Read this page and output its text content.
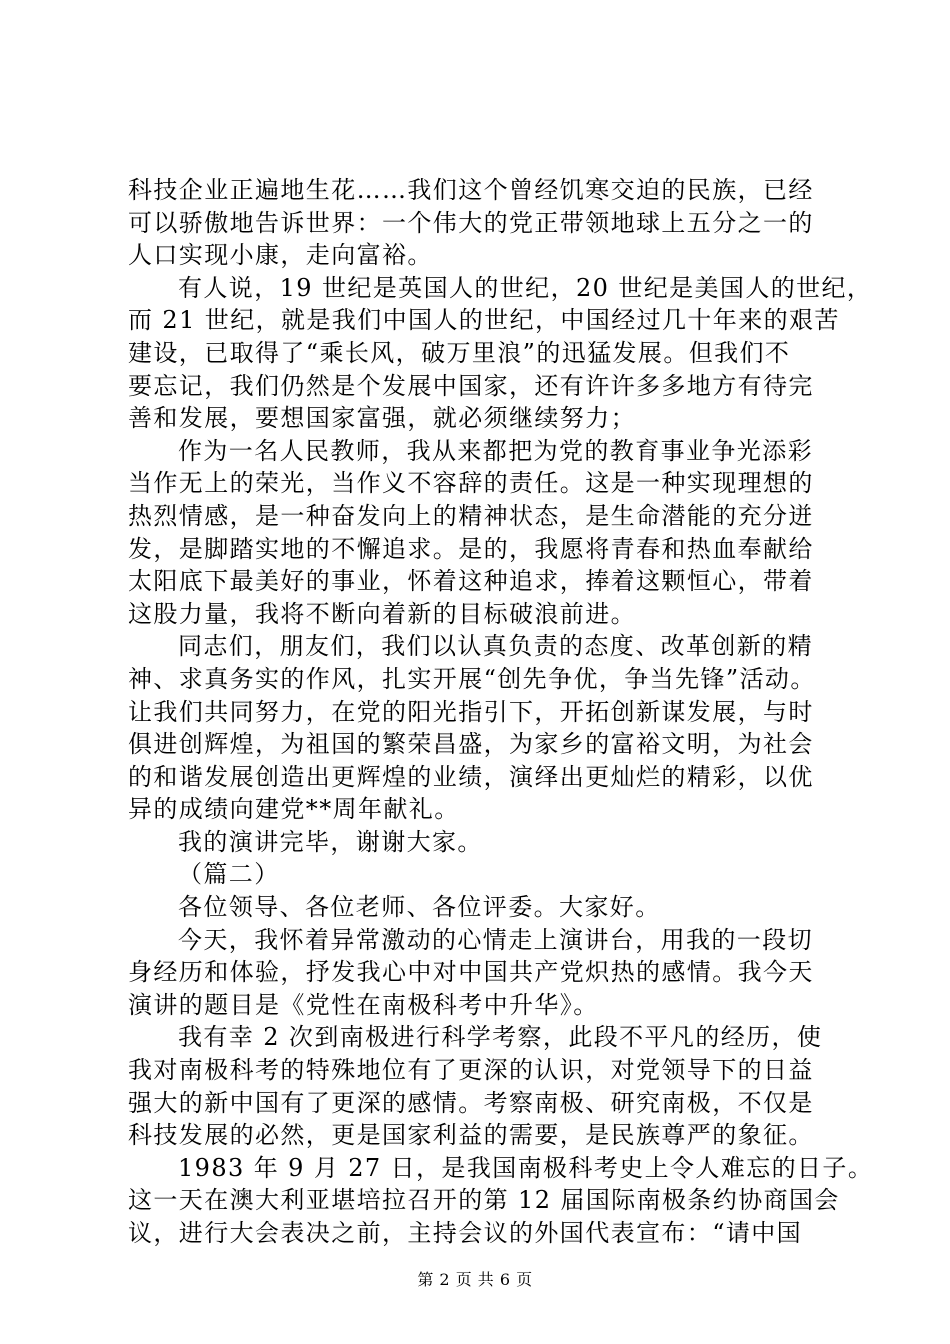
科技企业正遍地生花……我们这个曾经饥寒交迫的民族，已经
可以骄傲地告诉世界：一个伟大的党正带领地球上五分之一的
人口实现小康，走向富裕。
有人说，19 世纪是英国人的世纪，20 世纪是美国人的世纪，
而 21 世纪，就是我们中国人的世纪，中国经过几十年来的艰苦
建设，已取得了“乘长风，破万里浪”的迅猛发展。但我们不
要忘记，我们仍然是个发展中国家，还有许许多多地方有待完
善和发展，要想国家富强，就必须继续努力；
作为一名人民教师，我从来都把为党的教育事业争光添彩
当作无上的荣光，当作义不容辞的责任。这是一种实现理想的
热烈情感，是一种奋发向上的精神状态，是生命潜能的充分迸
发，是脚踏实地的不懈追求。是的，我愿将青春和热血奉献给
太阳底下最美好的事业，怀着这种追求，捧着这颗恒心，带着
这股力量，我将不断向着新的目标破浪前进。
同志们，朋友们，我们以认真负责的态度、改革创新的精
神、求真务实的作风，扎实开展“创先争优，争当先锋”活动。
让我们共同努力，在党的阳光指引下，开拓创新谋发展，与时
俱进创辉煌，为祖国的繁荣昌盛，为家乡的富裕文明，为社会
的和谐发展创造出更辉煌的业绩，演绎出更灿烂的精彩，以优
异的成绩向建党**周年献礼。
我的演讲完毕，谢谢大家。
（篇二）
各位领导、各位老师、各位评委。大家好。
今天，我怀着异常激动的心情走上演讲台，用我的一段切
身经历和体验，抒发我心中对中国共产党炽热的感情。我今天
演讲的题目是《党性在南极科考中升华》。
我有幸 2 次到南极进行科学考察，此段不平凡的经历，使
我对南极科考的特殊地位有了更深的认识，对党领导下的日益
强大的新中国有了更深的感情。考察南极、研究南极，不仅是
科技发展的必然，更是国家利益的需要，是民族尊严的象征。
1983 年 9 月 27 日，是我国南极科考史上令人难忘的日子。
这一天在澳大利亚堪培拉召开的第 12 届国际南极条约协商国会
议，进行大会表决之前，主持会议的外国代表宣布：“请中国
第 2 页 共 6 页
